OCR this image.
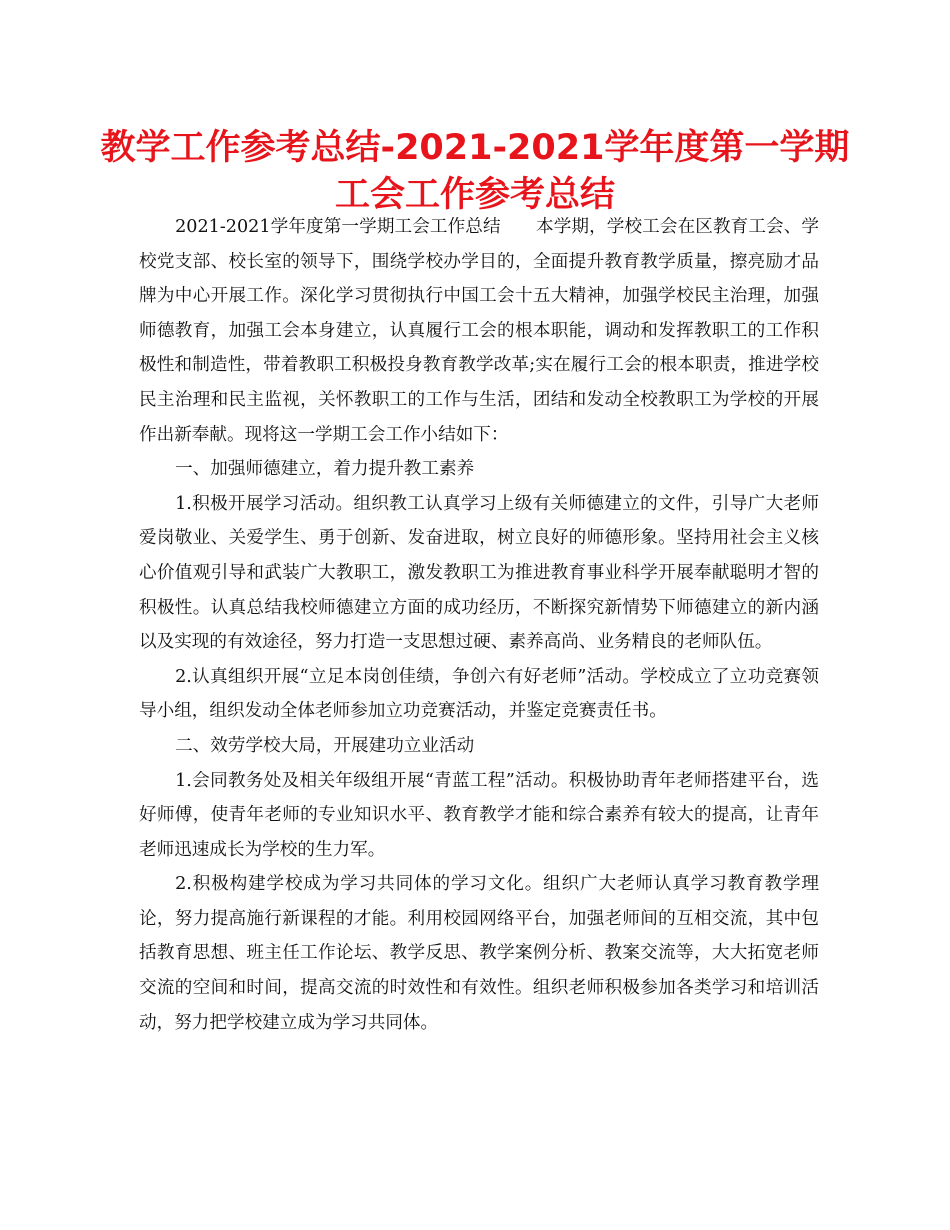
教学工作参考总结-2021-2021学年度第一学期
工会工作参考总结

2021-2021学年度第一学期工会工作总结　　本学期，学校工会在区教育工会、学校党支部、校长室的领导下，围绕学校办学目的，全面提升教育教学质量，擦亮励才品牌为中心开展工作。深化学习贯彻执行中国工会十五大精神，加强学校民主治理，加强师德教育，加强工会本身建立，认真履行工会的根本职能，调动和发挥教职工的工作积极性和制造性，带着教职工积极投身教育教学改革;实在履行工会的根本职责，推进学校民主治理和民主监视，关怀教职工的工作与生活，团结和发动全校教职工为学校的开展作出新奉献。现将这一学期工会工作小结如下：

一、加强师德建立，着力提升教工素养

1.积极开展学习活动。组织教工认真学习上级有关师德建立的文件，引导广大老师爱岗敬业、关爱学生、勇于创新、发奋进取，树立良好的师德形象。坚持用社会主义核心价值观引导和武装广大教职工，激发教职工为推进教育事业科学开展奉献聪明才智的积极性。认真总结我校师德建立方面的成功经历，不断探究新情势下师德建立的新内涵以及实现的有效途径，努力打造一支思想过硬、素养高尚、业务精良的老师队伍。

2.认真组织开展“立足本岗创佳绩，争创六有好老师”活动。学校成立了立功竞赛领导小组，组织发动全体老师参加立功竞赛活动，并鉴定竞赛责任书。

二、效劳学校大局，开展建功立业活动

1.会同教务处及相关年级组开展“青蓝工程”活动。积极协助青年老师搭建平台，选好师傅，使青年老师的专业知识水平、教育教学才能和综合素养有较大的提高，让青年老师迅速成长为学校的生力军。

2.积极构建学校成为学习共同体的学习文化。组织广大老师认真学习教育教学理论，努力提高施行新课程的才能。利用校园网络平台，加强老师间的互相交流，其中包括教育思想、班主任工作论坛、教学反思、教学案例分析、教案交流等，大大拓宽老师交流的空间和时间，提高交流的时效性和有效性。组织老师积极参加各类学习和培训活动，努力把学校建立成为学习共同体。
